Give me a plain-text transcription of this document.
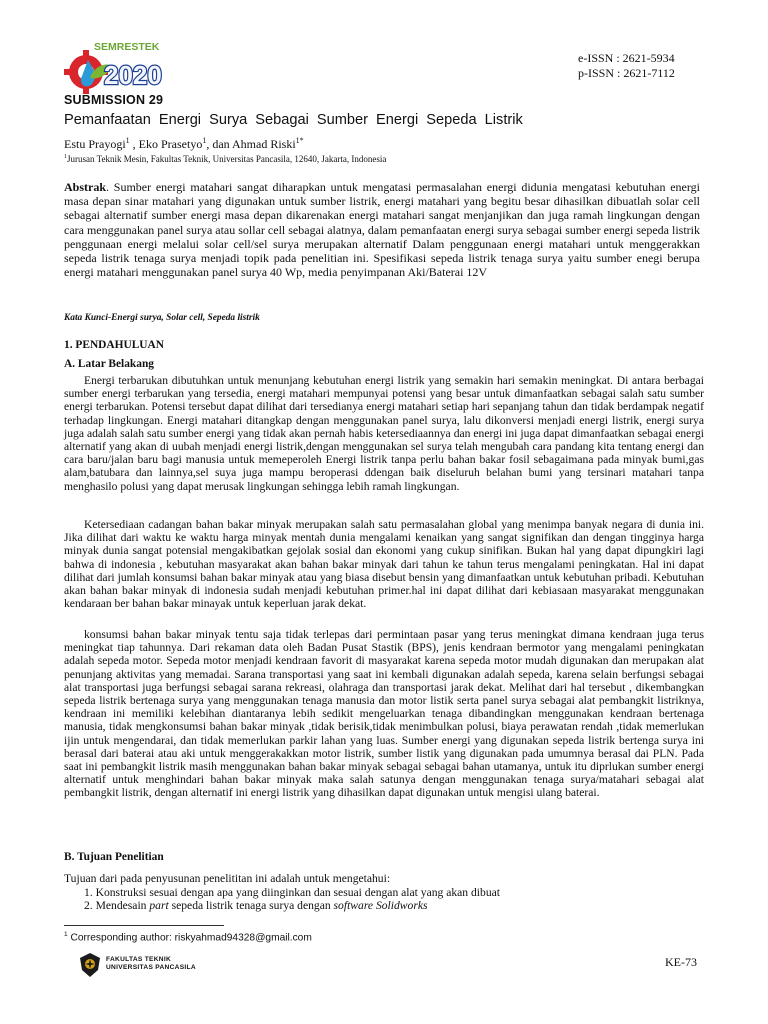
SEMRESTEK
2020
e-ISSN : 2621-5934
p-ISSN : 2621-7112
SUBMISSION 29
Pemanfaatan Energi Surya Sebagai Sumber Energi Sepeda Listrik
Estu Prayogi$^1$ , Eko Prasetyo$^1$, dan Ahmad Riski$^{1*}$
$^1$Jurusan Teknik Mesin, Fakultas Teknik, Universitas Pancasila, 12640, Jakarta, Indonesia
Abstrak. Sumber energi matahari sangat diharapkan untuk mengatasi permasalahan energi didunia mengatasi kebutuhan energi masa depan sinar matahari yang digunakan untuk sumber listrik, energi matahari yang begitu besar dihasilkan dibuatlah solar cell sebagai alternatif sumber energi masa depan dikarenakan energi matahari sangat menjanjikan dan juga ramah lingkungan dengan cara menggunakan panel surya atau sollar cell sebagai alatnya, dalam pemanfaatan energi surya sebagai sumber energi sepeda listrik penggunaan energi melalui solar cell/sel surya merupakan alternatif Dalam penggunaan energi matahari untuk menggerakkan sepeda listrik tenaga surya menjadi topik pada penelitian ini. Spesifikasi sepeda listrik tenaga surya yaitu sumber enegi berupa energi matahari menggunakan panel surya 40 Wp, media penyimpanan Aki/Baterai 12V
Kata Kunci-Energi surya, Solar cell, Sepeda listrik
1. PENDAHULUAN
A. Latar Belakang

Energi terbarukan dibutuhkan untuk menunjang kebutuhan energi listrik yang semakin hari semakin meningkat. Di antara berbagai sumber energi terbarukan yang tersedia, energi matahari mempunyai potensi yang besar untuk dimanfaatkan sebagai salah satu sumber energi terbarukan. Potensi tersebut dapat dilihat dari tersedianya energi matahari setiap hari sepanjang tahun dan tidak berdampak negatif terhadap lingkungan. Energi matahari ditangkap dengan menggunakan panel surya, lalu dikonversi menjadi energi listrik, energi surya juga adalah salah satu sumber energi yang tidak akan pernah habis ketersediaannya dan energi ini juga dapat dimanfaatkan sebagai energi alternatif yang akan di uubah menjadi energi listrik,dengan menggunakan sel surya telah mengubah cara pandang kita tentang energi dan cara baru/jalan baru bagi manusia untuk memeperoleh Energi listrik tanpa perlu bahan bakar fosil sebagaimana pada minyak bumi,gas alam,batubara dan lainnya,sel suya juga mampu beroperasi ddengan baik diseluruh belahan bumi yang tersinari matahari tanpa menghasilo polusi yang dapat merusak lingkungan sehingga lebih ramah lingkungan.

Ketersediaan cadangan bahan bakar minyak merupakan salah satu permasalahan global yang menimpa banyak negara di dunia ini. Jika dilihat dari waktu ke waktu harga minyak mentah dunia mengalami kenaikan yang sangat signifikan dan dengan tingginya harga minyak dunia sangat potensial mengakibatkan gejolak sosial dan ekonomi yang cukup sinifikan. Bukan hal yang dapat dipungkiri lagi bahwa di indonesia , kebutuhan masyarakat akan bahan bakar minyak dari tahun ke tahun terus mengalami peningkatan. Hal ini dapat dilihat dari jumlah konsumsi bahan bakar minyak atau yang biasa disebut bensin yang dimanfaatkan untuk kebutuhan pribadi. Kebutuhan akan bahan bakar minyak di indonesia sudah menjadi kebutuhan primer.hal ini dapat dilihat dari kebiasaan masyarakat menggunakan kendaraan ber bahan bakar minayak untuk keperluan jarak dekat.

konsumsi bahan bakar minyak tentu saja tidak terlepas dari permintaan pasar yang terus meningkat dimana kendraan juga terus meningkat tiap tahunnya. Dari rekaman data oleh Badan Pusat Stastik (BPS), jenis kendraan bermotor yang mengalami peningkatan adalah sepeda motor. Sepeda motor menjadi kendraan favorit di masyarakat karena sepeda motor mudah digunakan dan merupakan alat penunjang aktivitas yang memadai. Sarana transportasi yang saat ini kembali digunakan adalah sepeda, karena selain berfungsi sebagai alat transportasi juga berfungsi sebagai sarana rekreasi, olahraga dan transportasi jarak dekat. Melihat dari hal tersebut , dikembangkan sepeda listrik bertenaga surya yang menggunakan tenaga manusia dan motor listik serta panel surya sebagai alat pembangkit listriknya, kendraan ini memiliki kelebihan diantaranya lebih sedikit mengeluarkan tenaga dibandingkan menggunakan kendraan bertenaga manusia, tidak mengkonsumsi bahan bakar minyak ,tidak berisik,tidak menimbulkan polusi, biaya perawatan rendah ,tidak memerlukan ijin untuk mengendarai, dan tidak memerlukan parkir lahan yang luas. Sumber energi yang digunakan sepeda listrik bertenga surya ini berasal dari baterai atau aki untuk menggerakakkan motor listrik, sumber listik yang digunakan pada umumnya berasal dai PLN. Pada saat ini pembangkit listrik masih menggunakan bahan bakar minyak sebagai sebagai bahan utamanya, untuk itu diprlukan sumber energi alternatif untuk menghindari bahan bakar minyak maka salah satunya dengan menggunakan tenaga surya/matahari sebagai alat pembangkit listrik, dengan alternatif ini energi listrik yang dihasilkan dapat digunakan untuk mengisi ulang baterai.

B. Tujuan Penelitian
Tujuan dari pada penyusunan penelititan ini adalah untuk mengetahui:
1. Konstruksi sesuai dengan apa yang diinginkan dan sesuai dengan alat yang akan dibuat
2. Mendesain part sepeda listrik tenaga surya dengan software Solidworks
$^1$ Corresponding author: riskyahmad94328@gmail.com
FAKULTAS TEKNIK
UNIVERSITAS PANCASILA	KE-73
